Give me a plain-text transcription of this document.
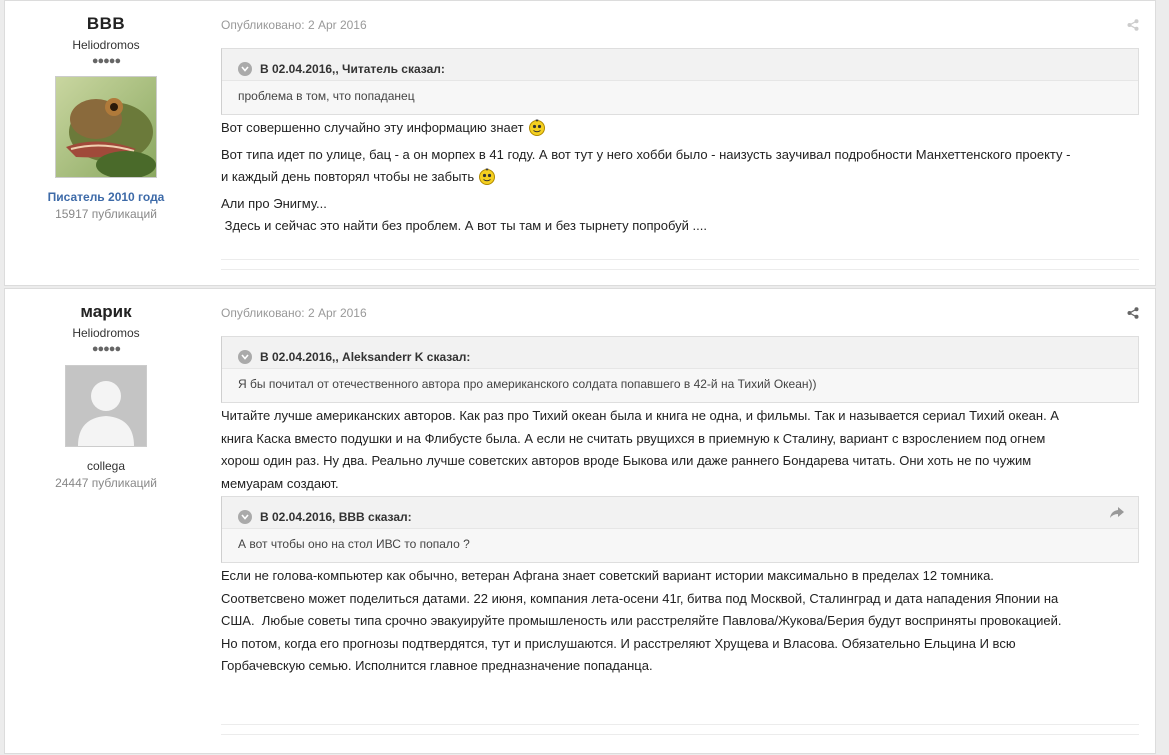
BBB
Heliodromos
●●●●●
Писатель 2010 года
15917 публикаций
Опубликовано: 2 Apr 2016
В 02.04.2016,, Читатель сказал:
проблема в том, что попаданец

Вот совершенно случайно эту информацию знает

Вот типа идет по улице, бац - а он морпех в 41 году. А вот тут у него хобби было - наизусть заучивал подробности Манхеттенского проекту -

и каждый день повторял чтобы не забыть

Али про Энигму...

Здесь и сейчас это найти без проблем. А вот ты там и без тырнету попробуй ....

марик
Heliodromos
●●●●●
collega
24447 публикаций
Опубликовано: 2 Apr 2016
В 02.04.2016,, Aleksanderr K сказал:
Я бы почитал от отечественного автора про американского солдата попавшего в 42-й на Тихий Океан))

Читайте лучше американских авторов. Как раз про Тихий океан была и книга не одна, и фильмы. Так и называется сериал Тихий океан. А

книга Каска вместо подушки и на Флибусте была. А если не считать рвущихся в приемную к Сталину, вариант с взрослением под огнем

хорош один раз. Ну два. Реально лучше советских авторов вроде Быкова или даже раннего Бондарева читать. Они хоть не по чужим

мемуарам создают.

В 02.04.2016, BBB сказал:
А вот чтобы оно на стол ИВС то попало ?

Если не голова-компьютер как обычно, ветеран Афгана знает советский вариант истории максимально в пределах 12 томника.

Соответсвено может поделиться датами. 22 июня, компания лета-осени 41г, битва под Москвой, Сталинград и дата нападения Японии на

США.  Любые советы типа срочно эвакуируйте промышленость или расстреляйте Павлова/Жукова/Берия будут восприняты провокацией.

Но потом, когда его прогнозы подтвердятся, тут и прислушаются. И расстреляют Хрущева и Власова. Обязательно Ельцина И всю

Горбачевскую семью. Исполнится главное предназначение попаданца.
